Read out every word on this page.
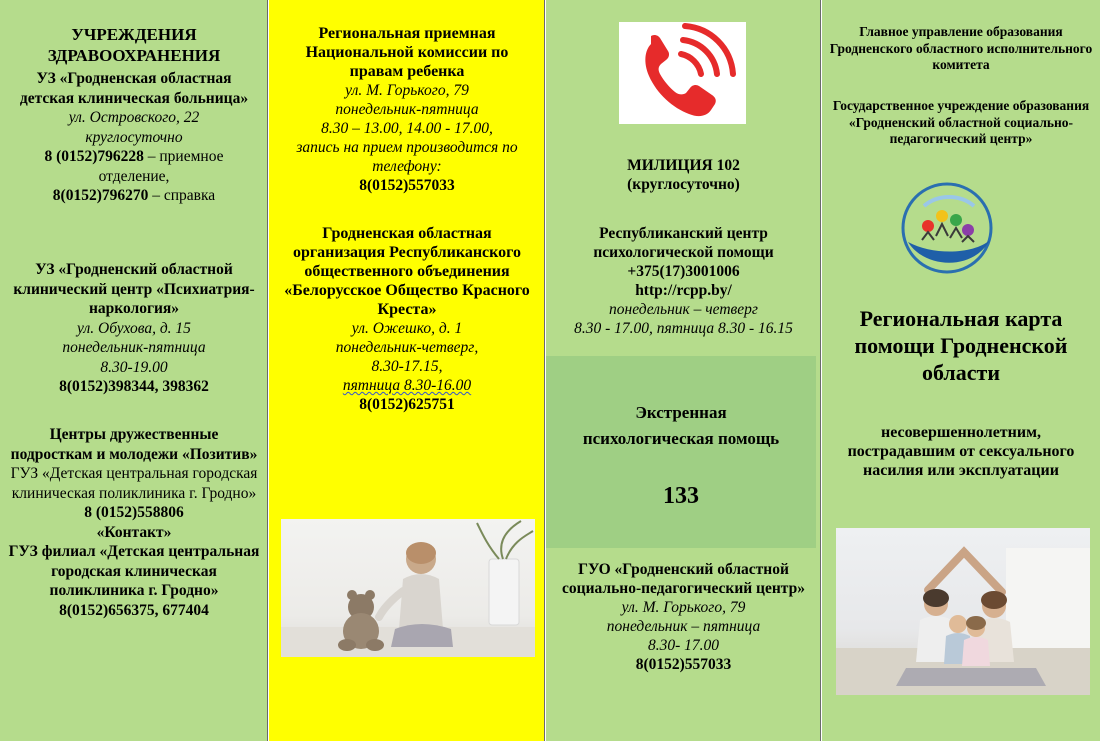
УЧРЕЖДЕНИЯ
ЗДРАВООХРАНЕНИЯ
УЗ «Гродненская областная детская клиническая больница»
ул. Островского, 22
круглосуточно
8 (0152)796228 – приемное отделение,
8(0152)796270 – справка
УЗ «Гродненский областной клинический центр «Психиатрия-наркология»
ул. Обухова, д. 15
понедельник-пятница
8.30-19.00
8(0152)398344, 398362
Центры дружественные подросткам и молодежи «Позитив»
ГУЗ «Детская центральная городская клиническая поликлиника г. Гродно»
8 (0152)558806
«Контакт»
ГУЗ филиал «Детская центральная городская клиническая поликлиника г. Гродно»
8(0152)656375, 677404
Региональная приемная Национальной комиссии по правам ребенка
ул. М. Горького, 79
понедельник-пятница
8.30 – 13.00, 14.00 - 17.00,
запись на прием производится по телефону:
8(0152)557033
Гродненская областная организация Республиканского общественного объединения «Белорусское Общество Красного Креста»
ул. Ожешко, д. 1
понедельник-четверг,
8.30-17.15,
пятница 8.30-16.00
8(0152)625751
МИЛИЦИЯ 102
(круглосуточно)
Республиканский центр психологической помощи
+375(17)3001006
http://rcpp.by/
понедельник – четверг
8.30 - 17.00, пятница 8.30 - 16.15
Экстренная
психологическая помощь
133
ГУО «Гродненский областной социально-педагогический центр»
ул. М. Горького, 79
понедельник – пятница
8.30- 17.00
8(0152)557033
Главное управление образования Гродненского областного исполнительного комитета
Государственное учреждение образования «Гродненский областной социально-педагогический центр»
Региональная карта помощи Гродненской области
несовершеннолетним, пострадавшим от сексуального насилия или эксплуатации
